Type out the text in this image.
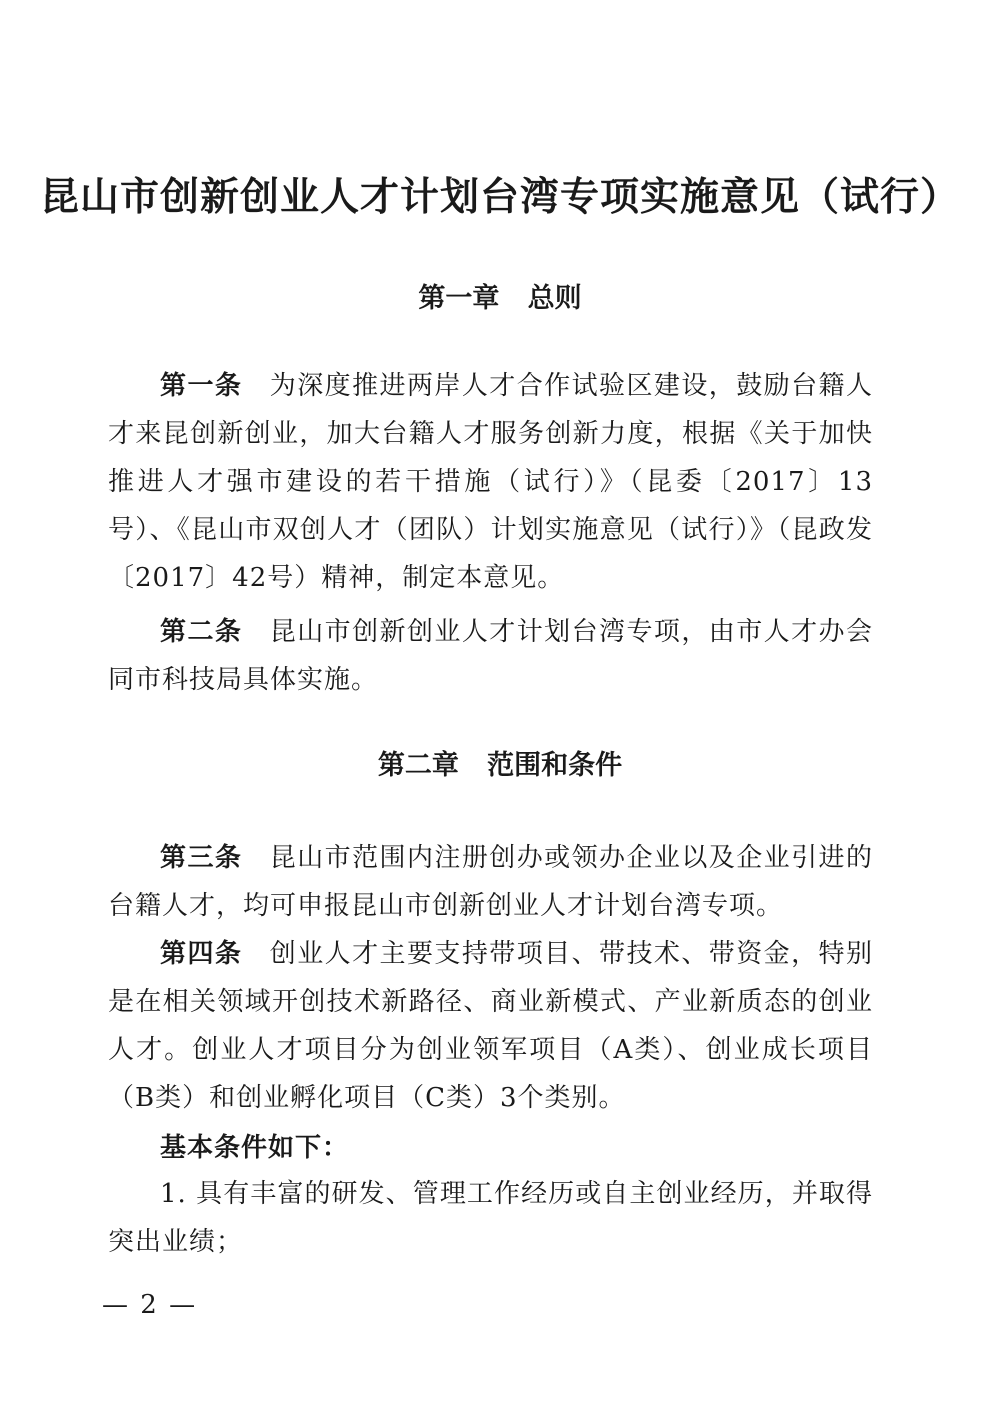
昆山市创新创业人才计划台湾专项实施意见（试行）
第一章   总则

第一条　 为深度推进两岸人才合作试验区建设，鼓励台籍人才来昆创新创业，加大台籍人才服务创新力度，根据《关于加快推进人才强市建设的若干措施（试行）》（昆委〔2017〕13号）、《昆山市双创人才（团队）计划实施意见（试行）》（昆政发〔2017〕42号）精神，制定本意见。

第二条　 昆山市创新创业人才计划台湾专项，由市人才办会同市科技局具体实施。

第二章   范围和条件

第三条　 昆山市范围内注册创办或领办企业以及企业引进的台籍人才，均可申报昆山市创新创业人才计划台湾专项。

第四条　 创业人才主要支持带项目、带技术、带资金，特别是在相关领域开创技术新路径、商业新模式、产业新质态的创业人才。创业人才项目分为创业领军项目（A类）、创业成长项目（B类）和创业孵化项目（C类）3个类别。

基本条件如下：

1. 具有丰富的研发、管理工作经历或自主创业经历，并取得突出业绩；

— 2 —
